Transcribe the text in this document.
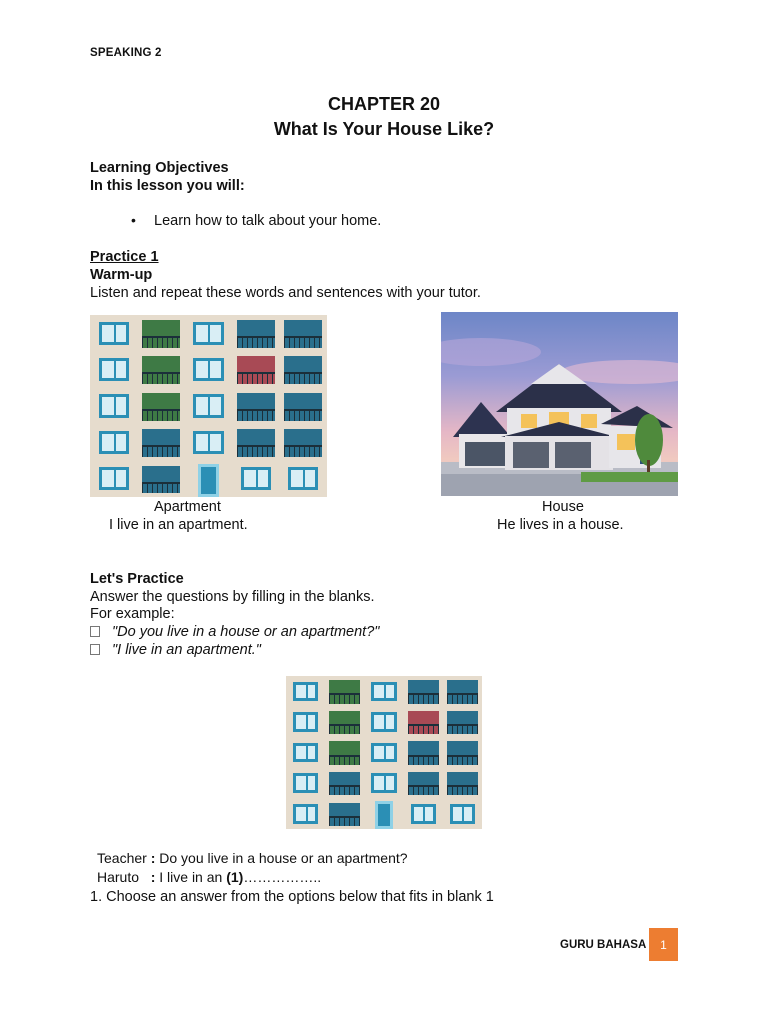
SPEAKING 2
CHAPTER 20
What Is Your House Like?
Learning Objectives
In this lesson you will:
• Learn how to talk about your home.
Practice 1
Warm-up
Listen and repeat these words and sentences with your tutor.
Apartment
I live in an apartment.
House
He lives in a house.
Let's Practice
Answer the questions by filling in the blanks.
For example:
"Do you live in a house or an apartment?"
"I live in an apartment."
Teacher : Do you live in a house or an apartment?
Haruto : I live in an (1)……………..
1. Choose an answer from the options below that fits in blank 1
GURU BAHASA	1
